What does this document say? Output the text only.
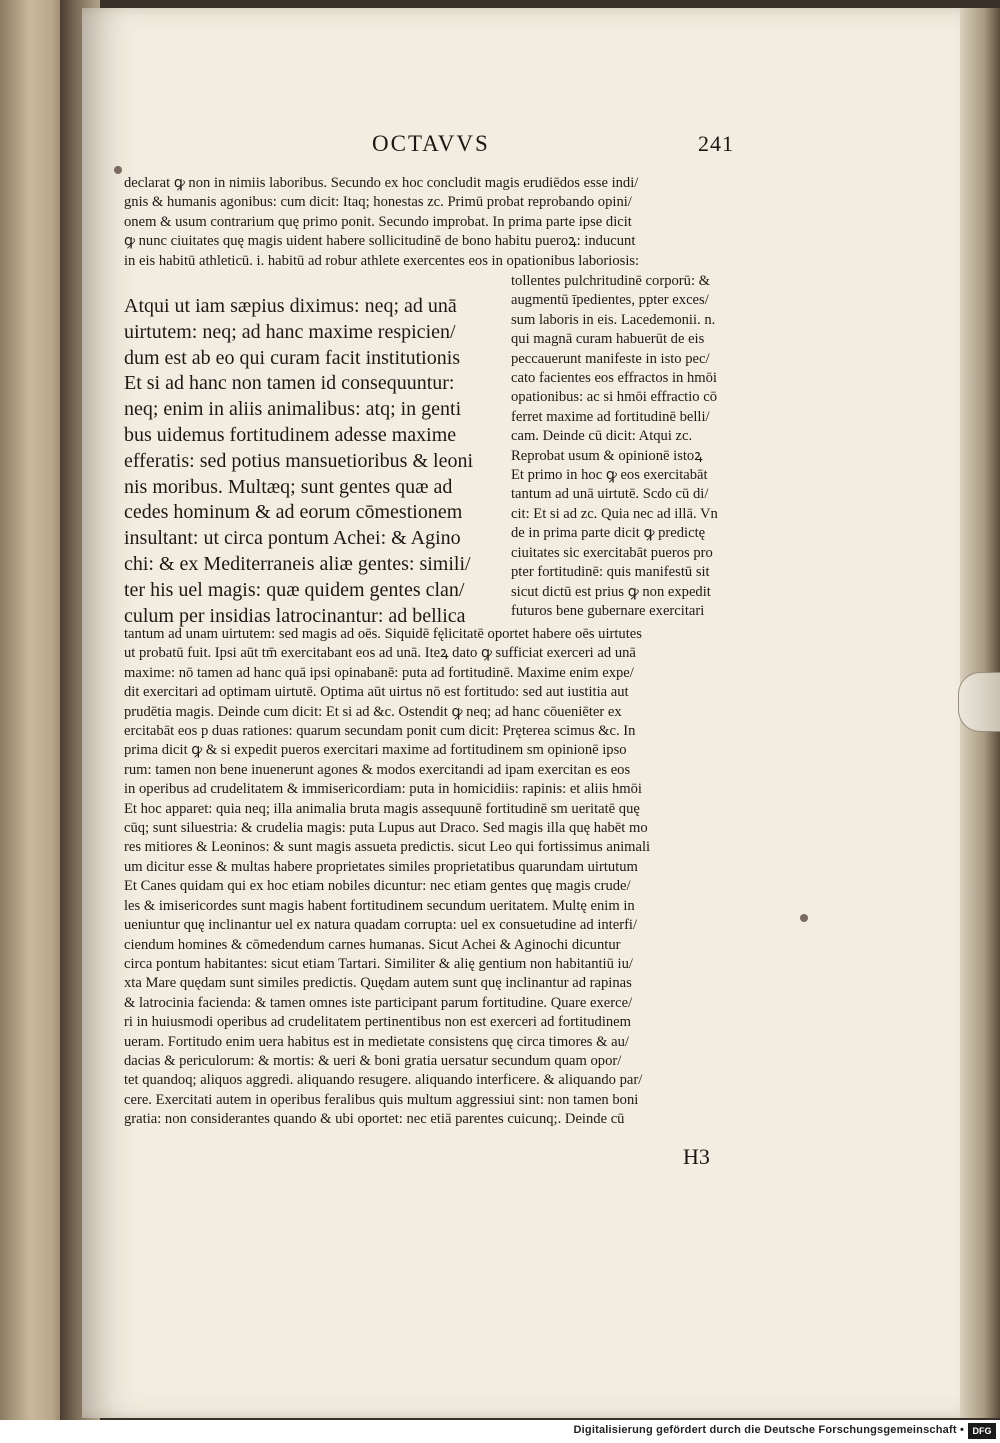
OCTAVVS	241
declarat ꝙ non in nimiis laboribus. Secundo ex hoc concludit magis erudiēdos esse indi/
gnis & humanis agonibus: cum dicit: Itaq; honestas zc. Primū probat reprobando opini/
onem & usum contrarium quę primo ponit. Secundo improbat. In prima parte ipse dicit
ꝙ nunc ciuitates quę magis uident habere sollicitudinē de bono habitu pueroꝝ: inducunt
in eis habitū athleticū. i. habitū ad robur athlete exercentes eos in opationibus laboriosis:
Atqui ut iam sæpius diximus: neq; ad unā
uirtutem: neq; ad hanc maxime respicien/
dum est ab eo qui curam facit institutionis
Et si ad hanc non tamen id consequuntur:
neq; enim in aliis animalibus: atq; in genti
bus uidemus fortitudinem adesse maxime
efferatis: sed potius mansuetioribus & leoni
nis moribus. Multæq; sunt gentes quæ ad
cedes hominum & ad eorum cōmestionem
insultant: ut circa pontum Achei: & Agino
chi: & ex Mediterraneis aliæ gentes: simili/
ter his uel magis: quæ quidem gentes clan/
culum per insidias latrocinantur: ad bellica
tollentes pulchritudinē corporū: &
augmentū īpedientes, ppter exces/
sum laboris in eis. Lacedemonii. n.
qui magnā curam habuerūt de eis
peccauerunt manifeste in isto pec/
cato facientes eos effractos in hmōi
opationibus: ac si hmōi effractio cō
ferret maxime ad fortitudinē belli/
cam. Deinde cū dicit: Atqui zc.
Reprobat usum & opinionē istoꝝ
Et primo in hoc ꝙ eos exercitabāt
tantum ad unā uirtutē. Scdo cū di/
cit: Et si ad zc. Quia nec ad illā. Vn
de in prima parte dicit ꝙ predictę
ciuitates sic exercitabāt pueros pro
pter fortitudinē: quis manifestū sit
sicut dictū est prius ꝙ non expedit
futuros bene gubernare exercitari
tantum ad unam uirtutem: sed magis ad oēs. Siquidē fęlicitatē oportet habere oēs uirtutes
ut probatū fuit. Ipsi aūt tm̄ exercitabant eos ad unā. Iteꝝ dato ꝙ sufficiat exerceri ad unā
maxime: nō tamen ad hanc quā ipsi opinabanē: puta ad fortitudinē. Maxime enim expe/
dit exercitari ad optimam uirtutē. Optima aūt uirtus nō est fortitudo: sed aut iustitia aut
prudētia magis. Deinde cum dicit: Et si ad &c. Ostendit ꝙ neq; ad hanc cōueniēter ex
ercitabāt eos p duas rationes: quarum secundam ponit cum dicit: Pręterea scimus &c. In
prima dicit ꝙ & si expedit pueros exercitari maxime ad fortitudinem sm opinionē ipso
rum: tamen non bene inuenerunt agones & modos exercitandi ad ipam exercitan es eos
in operibus ad crudelitatem & immisericordiam: puta in homicidiis: rapinis: et aliis hmōi
Et hoc apparet: quia neq; illa animalia bruta magis assequunē fortitudinē sm ueritatē quę
cūq; sunt siluestria: & crudelia magis: puta Lupus aut Draco. Sed magis illa quę habēt mo
res mitiores & Leoninos: & sunt magis assueta predictis. sicut Leo qui fortissimus animali
um dicitur esse & multas habere proprietates similes proprietatibus quarundam uirtutum
Et Canes quidam qui ex hoc etiam nobiles dicuntur: nec etiam gentes quę magis crude/
les & imisericordes sunt magis habent fortitudinem secundum ueritatem. Multę enim in
ueniuntur quę inclinantur uel ex natura quadam corrupta: uel ex consuetudine ad interfi/
ciendum homines & cōmedendum carnes humanas. Sicut Achei & Aginochi dicuntur
circa pontum habitantes: sicut etiam Tartari. Similiter & alię gentium non habitantiū iu/
xta Mare quędam sunt similes predictis. Quędam autem sunt quę inclinantur ad rapinas
& latrocinia facienda: & tamen omnes iste participant parum fortitudine. Quare exerce/
ri in huiusmodi operibus ad crudelitatem pertinentibus non est exerceri ad fortitudinem
ueram. Fortitudo enim uera habitus est in medietate consistens quę circa timores & au/
dacias & periculorum: & mortis: & ueri & boni gratia uersatur secundum quam opor/
tet quandoq; aliquos aggredi. aliquando resugere. aliquando interficere. & aliquando par/
cere. Exercitati autem in operibus feralibus quis multum aggressiui sint: non tamen boni
gratia: non considerantes quando & ubi oportet: nec etiā parentes cuicunq;. Deinde cū
H3
Digitalisierung gefördert durch die Deutsche Forschungsgemeinschaft • DFG
